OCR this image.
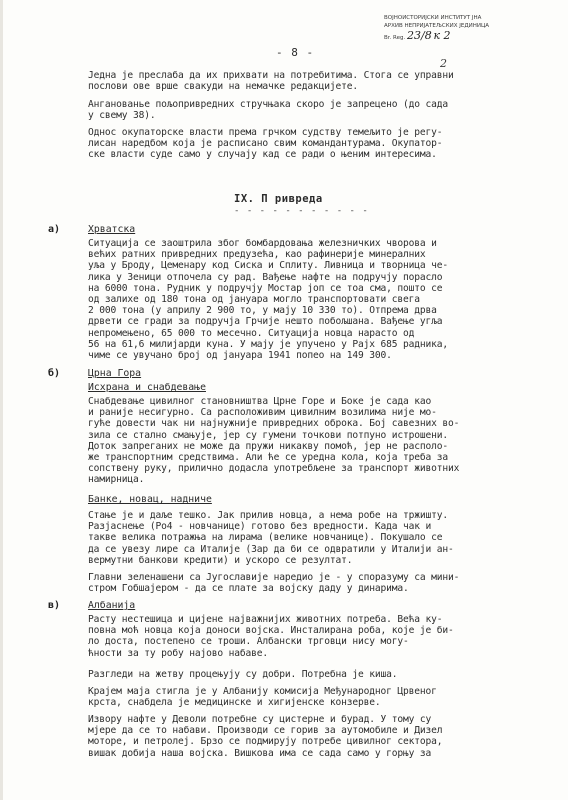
ВОЈНОИСТОРИЈСКИ ИНСТИТУТ ЈНА
АРХИВ НЕПРИЈАТЕЉСКИХ ЈЕДИНИЦА
Br. Reg. 23/8 к 2
2
- 8 -
Једна је преслаба да их прихвати на потребитима. Стога се управни
послови ове врше свакуди на немачке редакцијете.
Анганованье пољопривредних стручњака скоро је запрецено (до сада
у свему 38).
Однос окупаторске власти према грчком судству темељито је регу-
лисан наредбом која је расписано свим командантурама. Окупатор-
ске власти суде само у случају кад се ради о њеним интересима.
IX. П ривреда
- - - - - - - - - - -
а)	Хрватска
Ситуација се заоштрила због бомбардовања железничких чворова и
већих ратних привредних предузећа, као рафинерије минералних
уља у Броду, Цеменару код Сиска и Сплиту. Ливница и творница че-
лика у Зеници отпочела су рад. Вађење нафте на подручју порасло
на 6000 тона. Рудник у подручју Мостар јоп се тоа сма, пошто се
од залихе од 180 тона од јануара могло транспортовати свега
2 000 тона (у априлу 2 900 то, у мају 10 330 то). Отпрема дрва
дрвети се гради за подручја Грчије нешто побољшана. Вађење угља
непромењено, 65 000 то месечно. Ситуација новца нарасто од
56 на 61,6 милијарди куна. У мају је упучено у Рајх 685 радника,
чиме се увучано број од јануара 1941 попео на 149 300.
б)	Црна Гора
Исхрана и снабдевање
Снабдевање цивилног становништва Црне Горе и Боке је сада као
и раније несигурно. Са расположивим цивилним возилима није мо-
гуће довести чак ни најнужније привредних оброка. Бој савезних во-
зила се стално смањује, јер су гумени точкови потпуно истрошени.
Доток запреганих не може да пружи никакву помоћ, јер не располо-
же транспортним средствима. Али ће се уредна кола, која треба за
сопствену руку, прилично додасла употребљене за транспорт животних
намирница.
Банке, новац, надниче
Стање је и даље тешко. Јак прилив новца, а нема робе на тржишту.
Разјаснење (Ро4 - новчанице) готово без вредности. Када чак и
такве велика потражња на лирама (велике новчанице). Покушало се
да се увезу лире са Италије (Зар да би се одвратили у Италији ан-
вермутни банкови кредити) и ускоро се резултат.
Главни зеленашени са Југославије наредио је - у споразуму са мини-
стром Гобшајером - да се плате за војску даду у динарима.
в)	Албанија
Расту нестешица и цијене најважнијих животних потреба. Већа ку-
повна моћ новца која доноси војска. Инсталирана роба, које је би-
ло доста, постепено се троши. Албански трговци нису могу-
ћности за ту робу најово набаве.
Разгледи на жетву процењују су добри. Потребна је киша.
Крајем маја стигла је у Албанију комисија Међународног Црвеног
крста, снабдела је медицинске и хигијенске конзерве.
Извору нафте у Деволи потребне су цистерне и бурад. У тому су
мјере да се то набави. Производи се горив за аутомобиле и Дизел
моторе, и петролеј. Брзо се подмирују потребе цивилног сектора,
вишак добија наша војска. Вишкова има се сада само у горњу за
